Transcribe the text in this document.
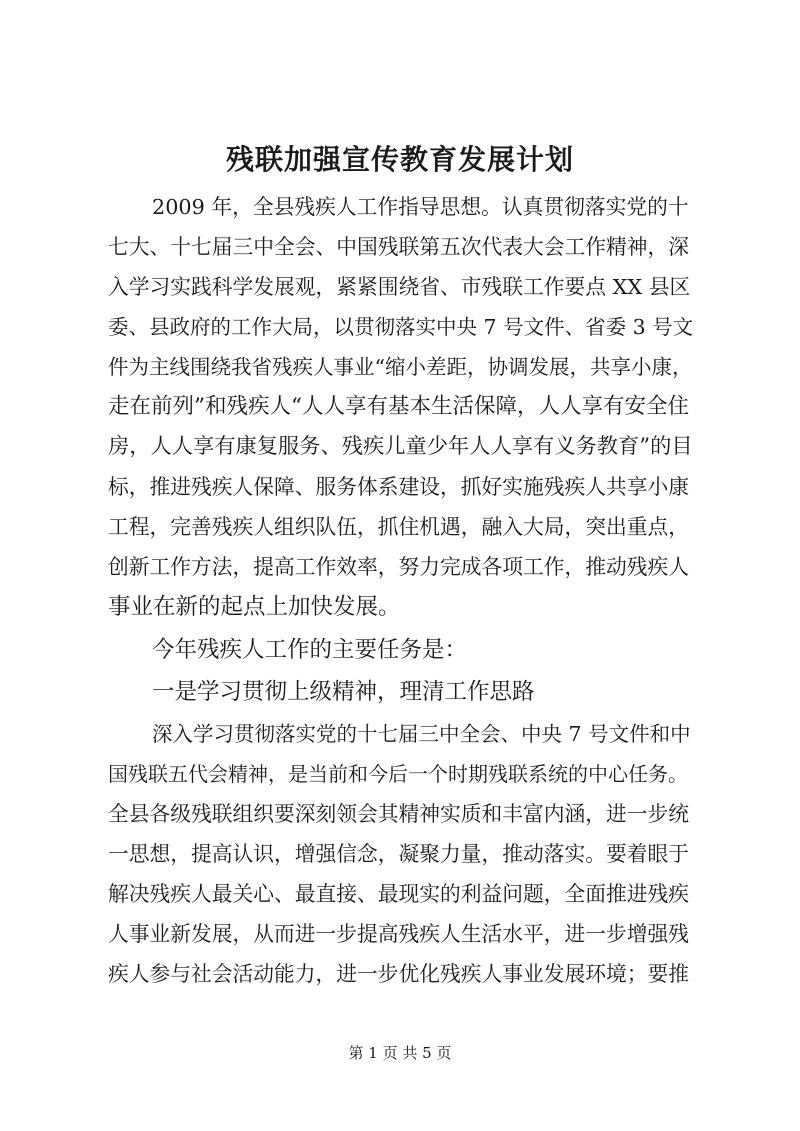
残联加强宣传教育发展计划

2009 年，全县残疾人工作指导思想。认真贯彻落实党的十

七大、十七届三中全会、中国残联第五次代表大会工作精神，深

入学习实践科学发展观，紧紧围绕省、市残联工作要点 XX 县区

委、县政府的工作大局，以贯彻落实中央 7 号文件、省委 3 号文

件为主线围绕我省残疾人事业“缩小差距，协调发展，共享小康，

走在前列”和残疾人“人人享有基本生活保障，人人享有安全住

房，人人享有康复服务、残疾儿童少年人人享有义务教育”的目

标，推进残疾人保障、服务体系建设，抓好实施残疾人共享小康

工程，完善残疾人组织队伍，抓住机遇，融入大局，突出重点，

创新工作方法，提高工作效率，努力完成各项工作，推动残疾人

事业在新的起点上加快发展。

今年残疾人工作的主要任务是：

一是学习贯彻上级精神，理清工作思路

深入学习贯彻落实党的十七届三中全会、中央 7 号文件和中

国残联五代会精神，是当前和今后一个时期残联系统的中心任务。

全县各级残联组织要深刻领会其精神实质和丰富内涵，进一步统

一思想，提高认识，增强信念，凝聚力量，推动落实。要着眼于

解决残疾人最关心、最直接、最现实的利益问题，全面推进残疾

人事业新发展，从而进一步提高残疾人生活水平，进一步增强残

疾人参与社会活动能力，进一步优化残疾人事业发展环境；要推

第 1 页 共 5 页
